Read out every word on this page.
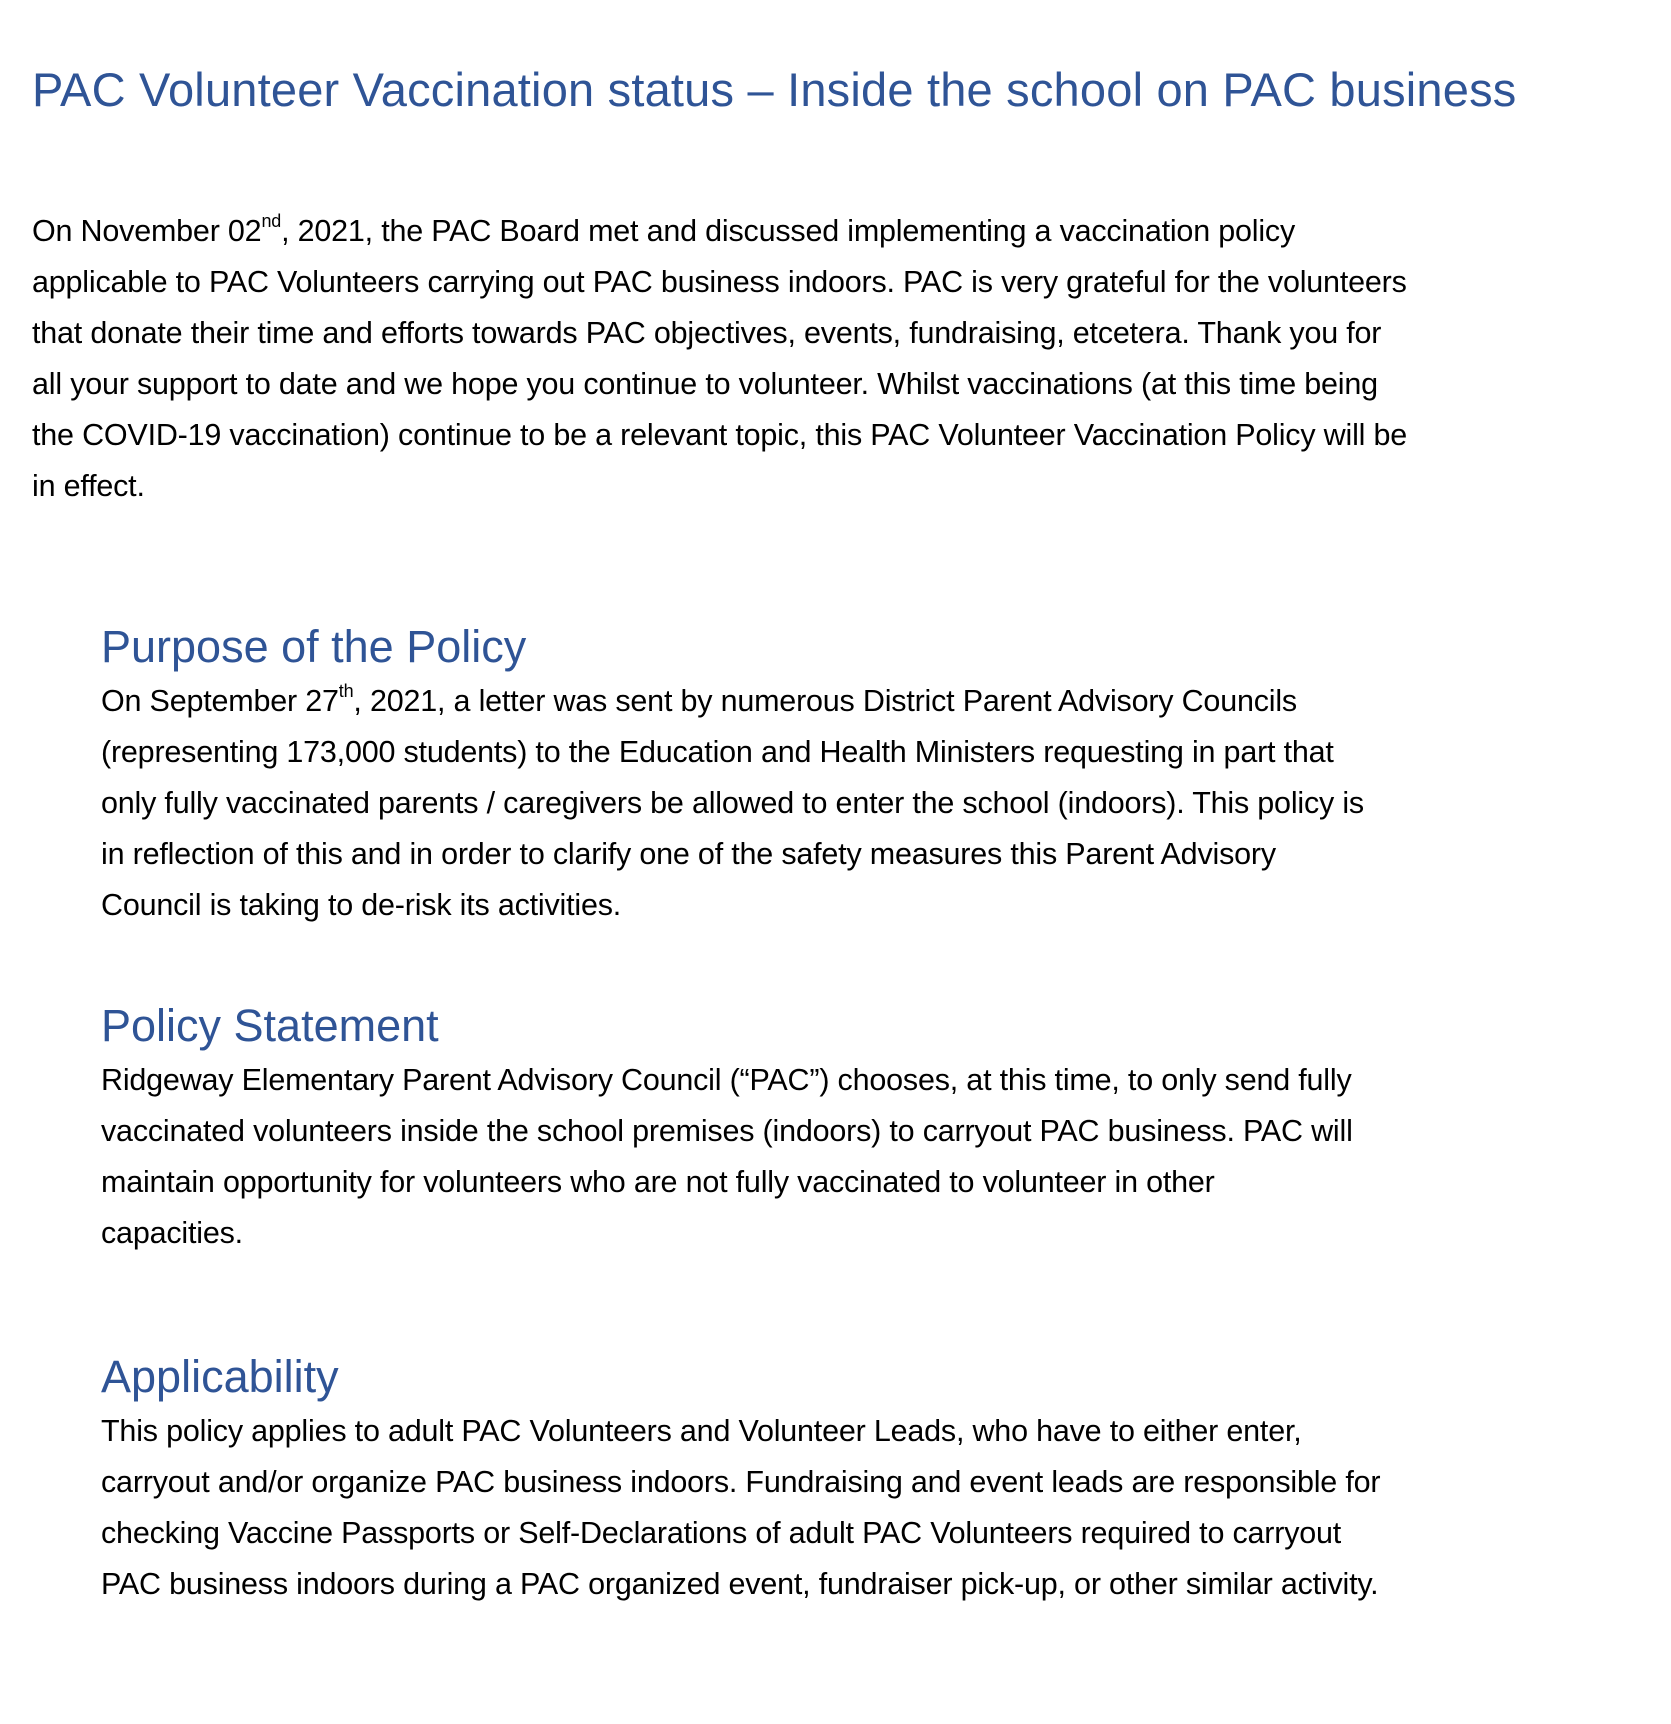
PAC Volunteer Vaccination status – Inside the school on PAC business

On November 02nd, 2021, the PAC Board met and discussed implementing a vaccination policy
applicable to PAC Volunteers carrying out PAC business indoors. PAC is very grateful for the volunteers
that donate their time and efforts towards PAC objectives, events, fundraising, etcetera. Thank you for
all your support to date and we hope you continue to volunteer. Whilst vaccinations (at this time being
the COVID-19 vaccination) continue to be a relevant topic, this PAC Volunteer Vaccination Policy will be
in effect.

Purpose of the Policy

On September 27th, 2021, a letter was sent by numerous District Parent Advisory Councils
(representing 173,000 students) to the Education and Health Ministers requesting in part that
only fully vaccinated parents / caregivers be allowed to enter the school (indoors). This policy is
in reflection of this and in order to clarify one of the safety measures this Parent Advisory
Council is taking to de-risk its activities.

Policy Statement

Ridgeway Elementary Parent Advisory Council (“PAC”) chooses, at this time, to only send fully
vaccinated volunteers inside the school premises (indoors) to carryout PAC business. PAC will
maintain opportunity for volunteers who are not fully vaccinated to volunteer in other
capacities.

Applicability

This policy applies to adult PAC Volunteers and Volunteer Leads, who have to either enter,
carryout and/or organize PAC business indoors. Fundraising and event leads are responsible for
checking Vaccine Passports or Self-Declarations of adult PAC Volunteers required to carryout
PAC business indoors during a PAC organized event, fundraiser pick-up, or other similar activity.
